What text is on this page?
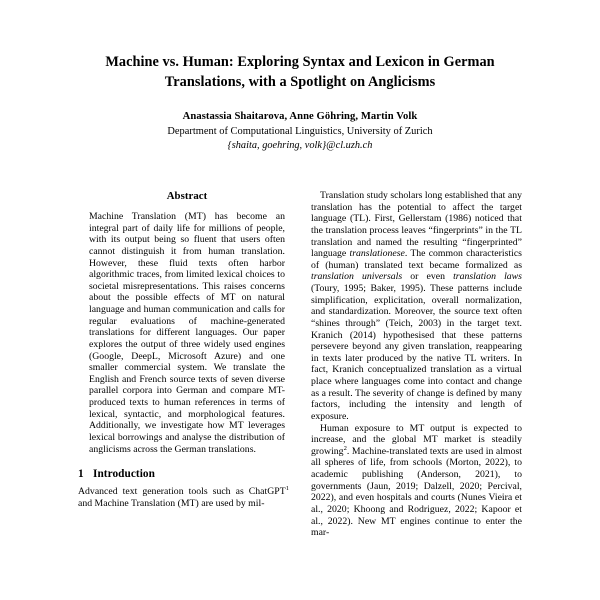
Machine vs. Human: Exploring Syntax and Lexicon in German
Translations, with a Spotlight on Anglicisms
Anastassia Shaitarova, Anne Göhring, Martin Volk
Department of Computational Linguistics, University of Zurich
{shaita, goehring, volk}@cl.uzh.ch
Abstract

Machine Translation (MT) has become an integral part of daily life for millions of people, with its output being so fluent that users often cannot distinguish it from human translation. However, these fluid texts often harbor algorithmic traces, from limited lexical choices to societal misrepresentations. This raises concerns about the possible effects of MT on natural language and human communication and calls for regular evaluations of machine-generated translations for different languages. Our paper explores the output of three widely used engines (Google, DeepL, Microsoft Azure) and one smaller commercial system. We translate the English and French source texts of seven diverse parallel corpora into German and compare MT-produced texts to human references in terms of lexical, syntactic, and morphological features. Additionally, we investigate how MT leverages lexical borrowings and analyse the distribution of anglicisms across the German translations.

1 Introduction

Advanced text generation tools such as ChatGPT$^1$ and Machine Translation (MT) are used by mil-

Translation study scholars long established that any translation has the potential to affect the target language (TL). First, Gellerstam (1986) noticed that the translation process leaves “fingerprints” in the TL translation and named the resulting “fingerprinted” language translationese. The common characteristics of (human) translated text became formalized as translation universals or even translation laws (Toury, 1995; Baker, 1995). These patterns include simplification, explicitation, overall normalization, and standardization. Moreover, the source text often “shines through” (Teich, 2003) in the target text. Kranich (2014) hypothesised that these patterns persevere beyond any given translation, reappearing in texts later produced by the native TL writers. In fact, Kranich conceptualized translation as a virtual place where languages come into contact and change as a result. The severity of change is defined by many factors, including the intensity and length of exposure.

Human exposure to MT output is expected to increase, and the global MT market is steadily growing$^2$. Machine-translated texts are used in almost all spheres of life, from schools (Morton, 2022), to academic publishing (Anderson, 2021), to governments (Jaun, 2019; Dalzell, 2020; Percival, 2022), and even hospitals and courts (Nunes Vieira et al., 2020; Khoong and Rodriguez, 2022; Kapoor et al., 2022). New MT engines continue to enter the mar-
